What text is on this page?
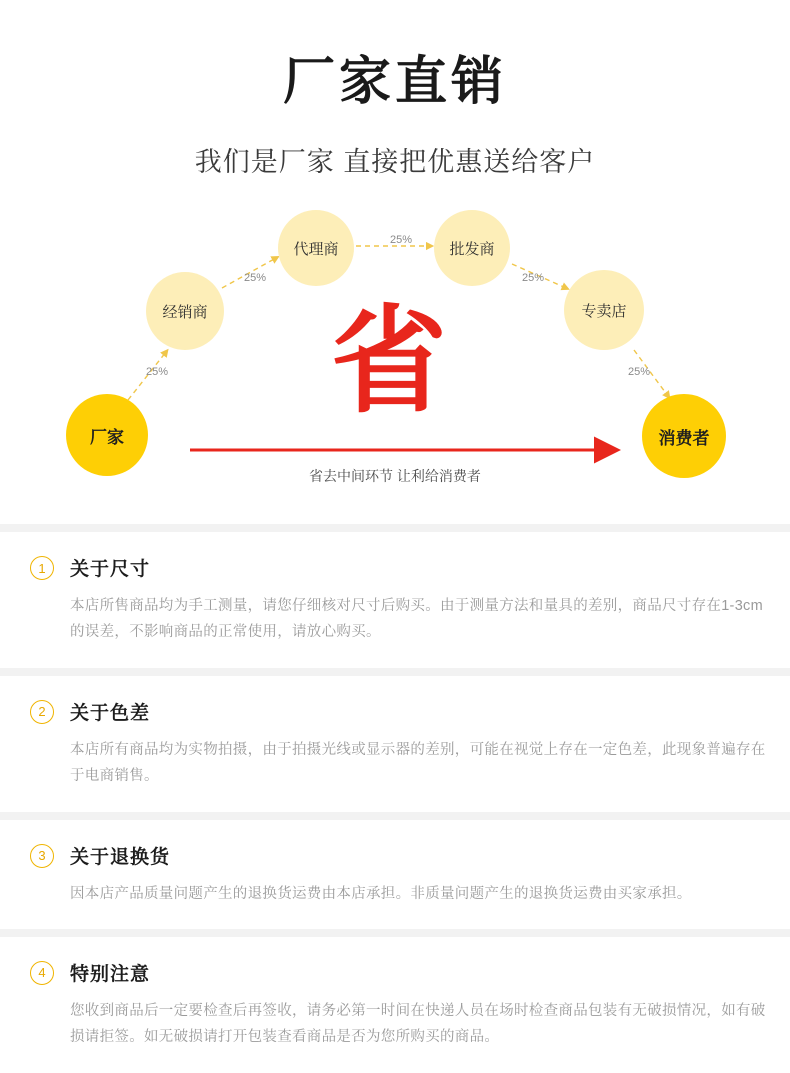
厂家直销
我们是厂家 直接把优惠送给客户
省
厂家
经销商
代理商	批发商
专卖店
消费者
25%
25%
25%
25%
25%
省去中间环节 让利给消费者
1	关于尺寸
本店所售商品均为手工测量，请您仔细核对尺寸后购买。由于测量方法和量具的差别，商品尺寸存在1-3cm的误差，不影响商品的正常使用，请放心购买。
2	关于色差
本店所有商品均为实物拍摄，由于拍摄光线或显示器的差别，可能在视觉上存在一定色差，此现象普遍存在于电商销售。
3	关于退换货
因本店产品质量问题产生的退换货运费由本店承担。非质量问题产生的退换货运费由买家承担。
4	特别注意
您收到商品后一定要检查后再签收，请务必第一时间在快递人员在场时检查商品包装有无破损情况，如有破损请拒签。如无破损请打开包装查看商品是否为您所购买的商品。
